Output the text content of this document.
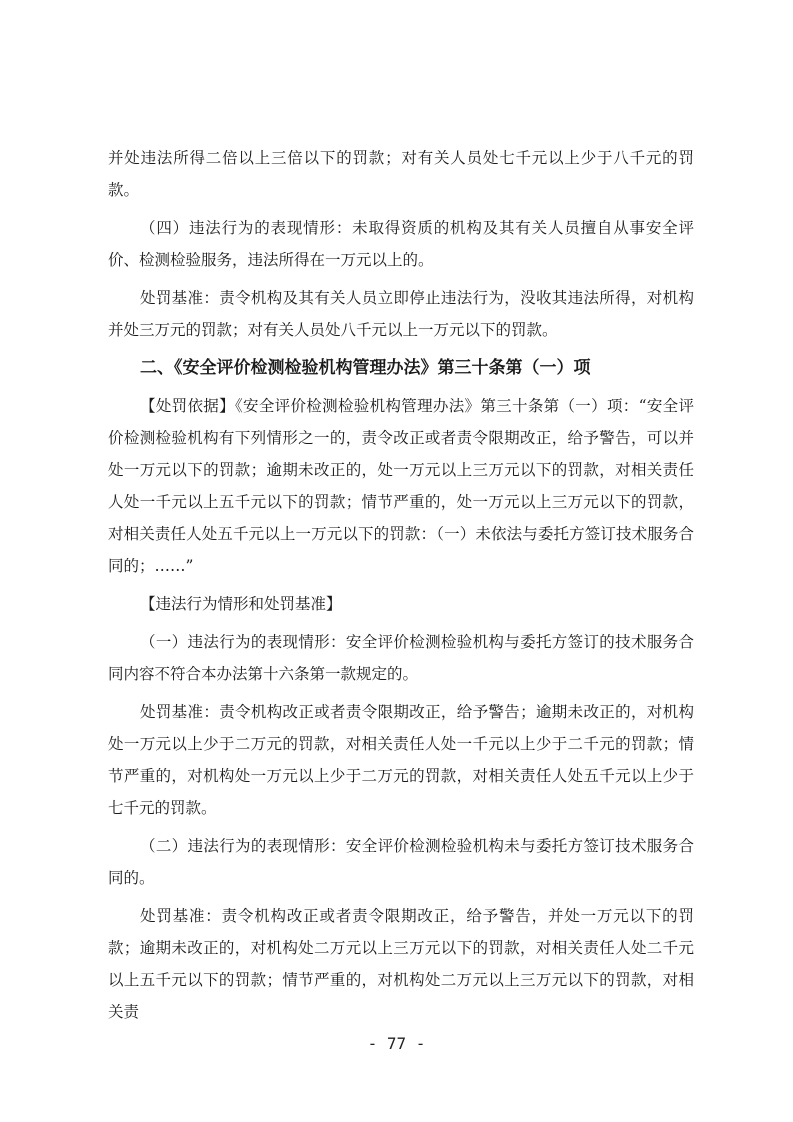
并处违法所得二倍以上三倍以下的罚款；对有关人员处七千元以上少于八千元的罚款。

（四）违法行为的表现情形：未取得资质的机构及其有关人员擅自从事安全评价、检测检验服务，违法所得在一万元以上的。

处罚基准：责令机构及其有关人员立即停止违法行为，没收其违法所得，对机构并处三万元的罚款；对有关人员处八千元以上一万元以下的罚款。

二、《安全评价检测检验机构管理办法》第三十条第（一）项

【处罚依据】《安全评价检测检验机构管理办法》第三十条第（一）项：“安全评价检测检验机构有下列情形之一的，责令改正或者责令限期改正，给予警告，可以并处一万元以下的罚款；逾期未改正的，处一万元以上三万元以下的罚款，对相关责任人处一千元以上五千元以下的罚款；情节严重的，处一万元以上三万元以下的罚款，对相关责任人处五千元以上一万元以下的罚款：（一）未依法与委托方签订技术服务合同的；……”

【违法行为情形和处罚基准】

（一）违法行为的表现情形：安全评价检测检验机构与委托方签订的技术服务合同内容不符合本办法第十六条第一款规定的。

处罚基准：责令机构改正或者责令限期改正，给予警告；逾期未改正的，对机构处一万元以上少于二万元的罚款，对相关责任人处一千元以上少于二千元的罚款；情节严重的，对机构处一万元以上少于二万元的罚款，对相关责任人处五千元以上少于七千元的罚款。

（二）违法行为的表现情形：安全评价检测检验机构未与委托方签订技术服务合同的。

处罚基准：责令机构改正或者责令限期改正，给予警告，并处一万元以下的罚款；逾期未改正的，对机构处二万元以上三万元以下的罚款，对相关责任人处二千元以上五千元以下的罚款；情节严重的，对机构处二万元以上三万元以下的罚款，对相关责

- 77 -
